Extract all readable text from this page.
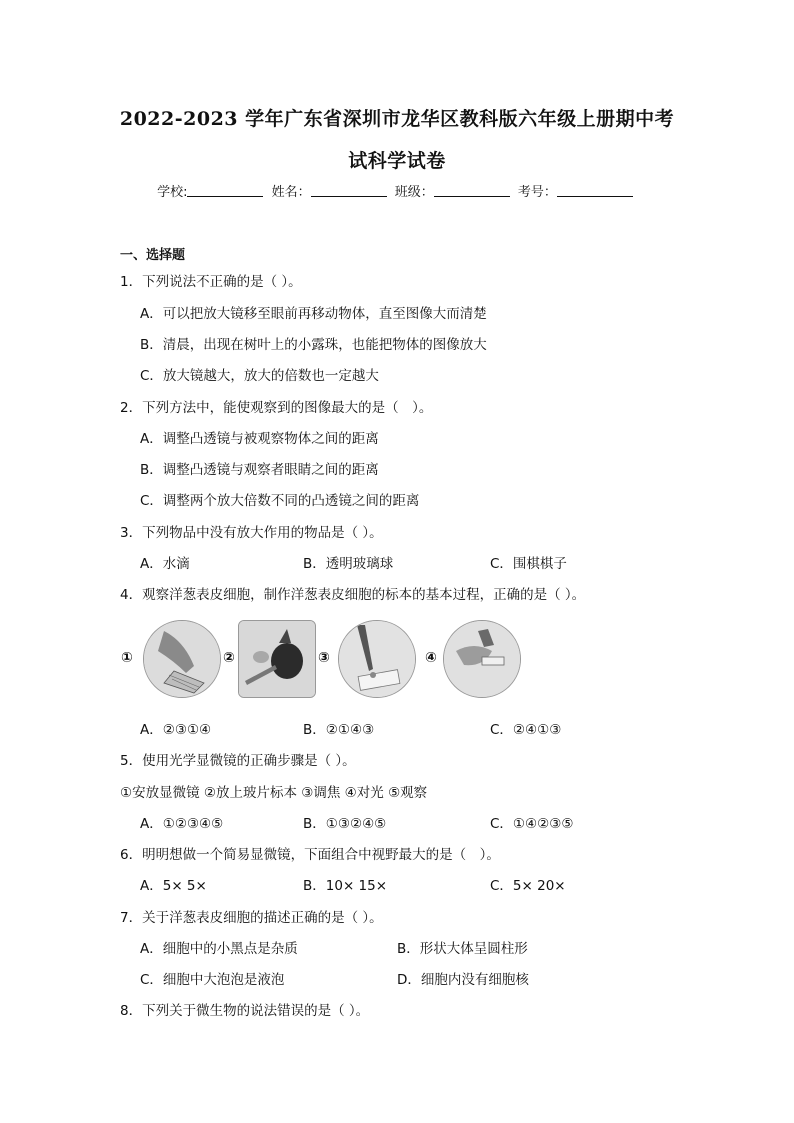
2022-2023 学年广东省深圳市龙华区教科版六年级上册期中考
试科学试卷
学校:	姓名：	班级：	考号：
一、选择题
1．下列说法不正确的是（ ）。
A．可以把放大镜移至眼前再移动物体，直至图像大而清楚
B．清晨，出现在树叶上的小露珠，也能把物体的图像放大
C．放大镜越大，放大的倍数也一定越大
2．下列方法中，能使观察到的图像最大的是（　）。
A．调整凸透镜与被观察物体之间的距离
B．调整凸透镜与观察者眼睛之间的距离
C．调整两个放大倍数不同的凸透镜之间的距离
3．下列物品中没有放大作用的物品是（ ）。
A．水滴	B．透明玻璃球	C．围棋棋子
4．观察洋葱表皮细胞，制作洋葱表皮细胞的标本的基本过程，正确的是（ ）。
①	②	③	④
A．②③①④	B．②①④③	C．②④①③
5．使用光学显微镜的正确步骤是（ ）。
①安放显微镜 ②放上玻片标本 ③调焦 ④对光 ⑤观察
A．①②③④⑤	B．①③②④⑤	C．①④②③⑤
6．明明想做一个简易显微镜，下面组合中视野最大的是（　）。
A．5× 5×	B．10× 15×	C．5× 20×
7．关于洋葱表皮细胞的描述正确的是（ ）。
A．细胞中的小黑点是杂质	B．形状大体呈圆柱形
C．细胞中大泡泡是液泡	D．细胞内没有细胞核
8．下列关于微生物的说法错误的是（ ）。
